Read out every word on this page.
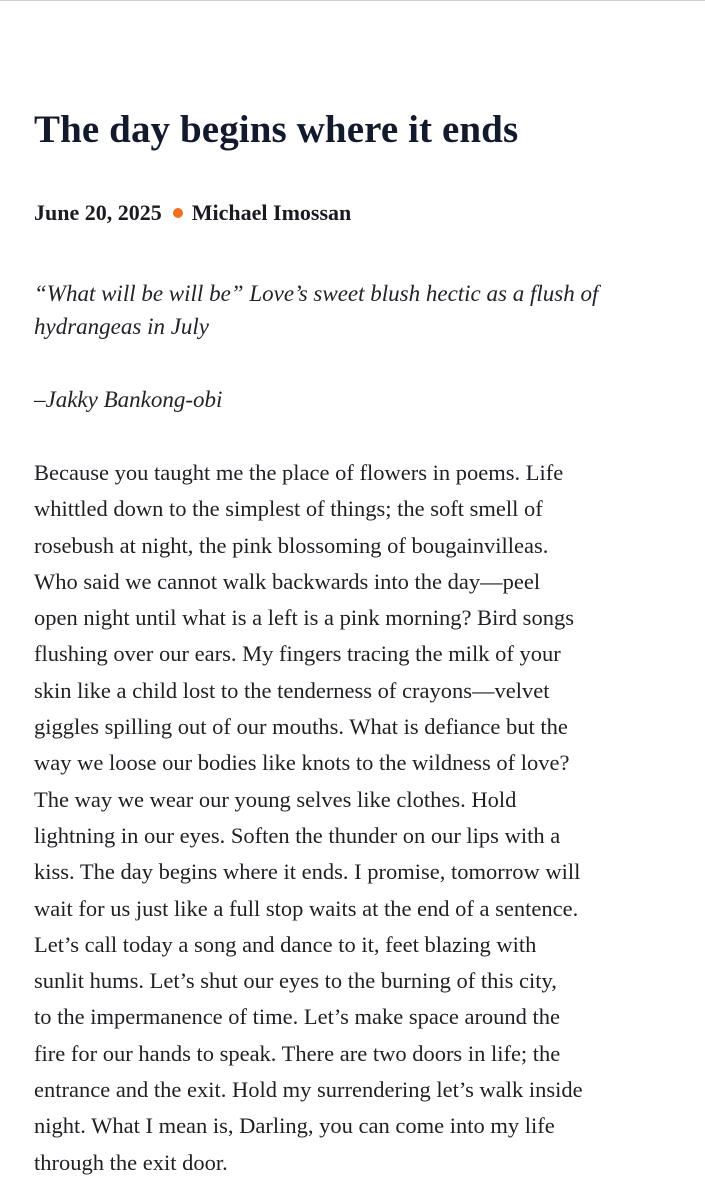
The day begins where it ends
June 20, 2025 Michael Imossan

“What will be will be” Love’s sweet blush hectic as a flush of hydrangeas in July

–Jakky Bankong-obi

Because you taught me the place of flowers in poems. Life
whittled down to the simplest of things; the soft smell of
rosebush at night, the pink blossoming of bougainvilleas.
Who said we cannot walk backwards into the day—peel
open night until what is a left is a pink morning? Bird songs
flushing over our ears. My fingers tracing the milk of your
skin like a child lost to the tenderness of crayons—velvet
giggles spilling out of our mouths. What is defiance but the
way we loose our bodies like knots to the wildness of love?
The way we wear our young selves like clothes. Hold
lightning in our eyes. Soften the thunder on our lips with a
kiss. The day begins where it ends. I promise, tomorrow will
wait for us just like a full stop waits at the end of a sentence.
Let’s call today a song and dance to it, feet blazing with
sunlit hums. Let’s shut our eyes to the burning of this city,
to the impermanence of time. Let’s make space around the
fire for our hands to speak. There are two doors in life; the
entrance and the exit. Hold my surrendering let’s walk inside
night. What I mean is, Darling, you can come into my life
through the exit door.
